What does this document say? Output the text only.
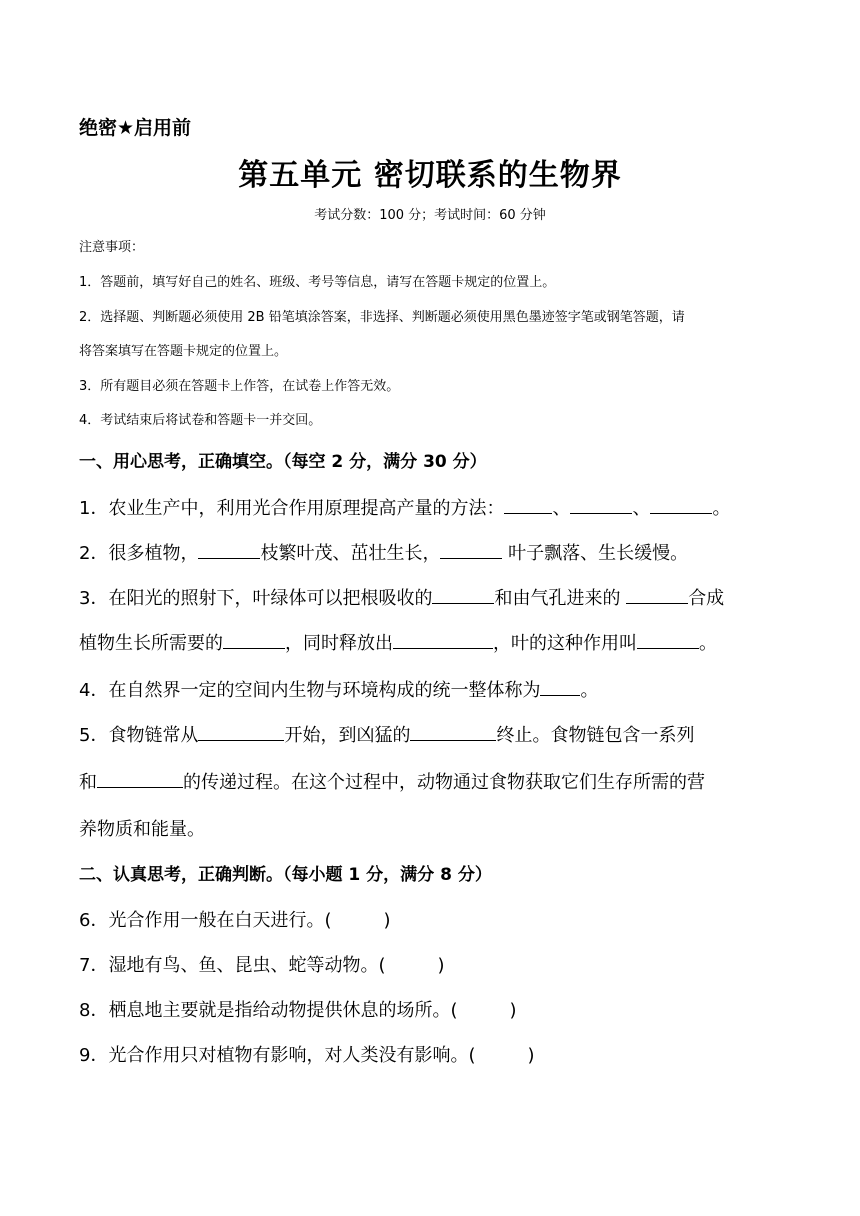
绝密★启用前
第五单元 密切联系的生物界
考试分数：100 分；考试时间：60 分钟
注意事项：
1．答题前，填写好自己的姓名、班级、考号等信息，请写在答题卡规定的位置上。
2．选择题、判断题必须使用 2B 铅笔填涂答案，非选择、判断题必须使用黑色墨迹签字笔或钢笔答题，请
将答案填写在答题卡规定的位置上。
3．所有题目必须在答题卡上作答，在试卷上作答无效。
4．考试结束后将试卷和答题卡一并交回。
一、用心思考，正确填空。（每空 2 分，满分 30 分）
1．农业生产中，利用光合作用原理提高产量的方法：	、	、	。
2．很多植物，	枝繁叶茂、茁壮生长，	叶子飘落、生长缓慢。
3．在阳光的照射下，叶绿体可以把根吸收的	和由气孔进来的	合成
植物生长所需要的	，同时释放出	，叶的这种作用叫	。
4．在自然界一定的空间内生物与环境构成的统一整体称为 。
5．食物链常从	开始，到凶猛的	终止。食物链包含一系列
和	的传递过程。在这个过程中，动物通过食物获取它们生存所需的营
养物质和能量。
二、认真思考，正确判断。（每小题 1 分，满分 8 分）
6．光合作用一般在白天进行。(	)
7．湿地有鸟、鱼、昆虫、蛇等动物。(	)
8．栖息地主要就是指给动物提供休息的场所。(	)
9．光合作用只对植物有影响，对人类没有影响。(	)
